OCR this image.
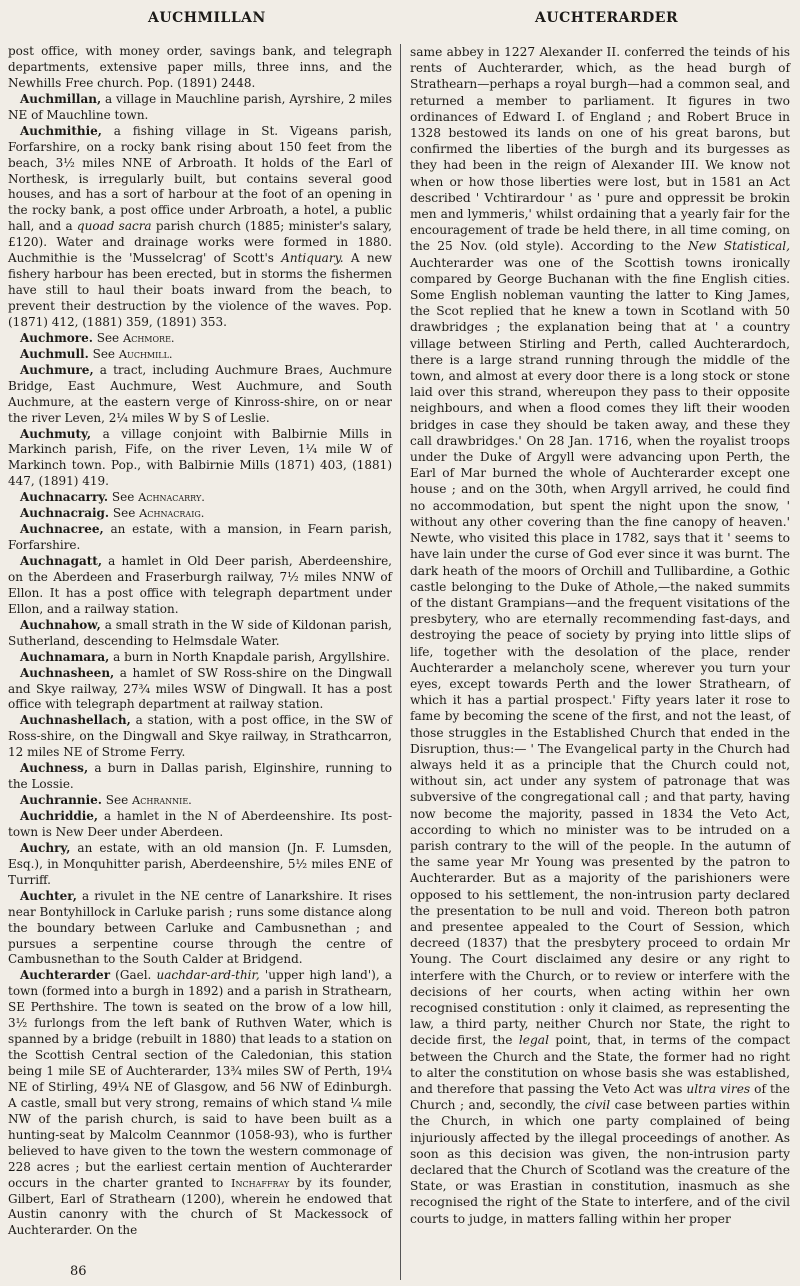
AUCHMILLAN	AUCHTERARDER

post office, with money order, savings bank, and telegraph departments, extensive paper mills, three inns, and the Newhills Free church. Pop. (1891) 2448.

Auchmillan, a village in Mauchline parish, Ayrshire, 2 miles NE of Mauchline town.

Auchmithie, a fishing village in St. Vigeans parish, Forfarshire, on a rocky bank rising about 150 feet from the beach, 3½ miles NNE of Arbroath. It holds of the Earl of Northesk, is irregularly built, but contains several good houses, and has a sort of harbour at the foot of an opening in the rocky bank, a post office under Arbroath, a hotel, a public hall, and a quoad sacra parish church (1885; minister's salary, £120). Water and drainage works were formed in 1880. Auchmithie is the 'Musselcrag' of Scott's Antiquary. A new fishery harbour has been erected, but in storms the fishermen have still to haul their boats inward from the beach, to prevent their destruction by the violence of the waves. Pop. (1871) 412, (1881) 359, (1891) 353.

Auchmore. See Achmore.

Auchmull. See Auchmill.

Auchmure, a tract, including Auchmure Braes, Auchmure Bridge, East Auchmure, West Auchmure, and South Auchmure, at the eastern verge of Kinross-shire, on or near the river Leven, 2¼ miles W by S of Leslie.

Auchmuty, a village conjoint with Balbirnie Mills in Markinch parish, Fife, on the river Leven, 1¼ mile W of Markinch town. Pop., with Balbirnie Mills (1871) 403, (1881) 447, (1891) 419.

Auchnacarry. See Achnacarry.

Auchnacraig. See Achnacraig.

Auchnacree, an estate, with a mansion, in Fearn parish, Forfarshire.

Auchnagatt, a hamlet in Old Deer parish, Aberdeenshire, on the Aberdeen and Fraserburgh railway, 7½ miles NNW of Ellon. It has a post office with telegraph department under Ellon, and a railway station.

Auchnahow, a small strath in the W side of Kildonan parish, Sutherland, descending to Helmsdale Water.

Auchnamara, a burn in North Knapdale parish, Argyllshire.

Auchnasheen, a hamlet of SW Ross-shire on the Dingwall and Skye railway, 27¾ miles WSW of Dingwall. It has a post office with telegraph department at railway station.

Auchnashellach, a station, with a post office, in the SW of Ross-shire, on the Dingwall and Skye railway, in Strathcarron, 12 miles NE of Strome Ferry.

Auchness, a burn in Dallas parish, Elginshire, running to the Lossie.

Auchrannie. See Achrannie.

Auchriddie, a hamlet in the N of Aberdeenshire. Its post-town is New Deer under Aberdeen.

Auchry, an estate, with an old mansion (Jn. F. Lumsden, Esq.), in Monquhitter parish, Aberdeenshire, 5½ miles ENE of Turriff.

Auchter, a rivulet in the NE centre of Lanarkshire. It rises near Bontyhillock in Carluke parish ; runs some distance along the boundary between Carluke and Cambusnethan ; and pursues a serpentine course through the centre of Cambusnethan to the South Calder at Bridgend.

Auchterarder (Gael. uachdar-ard-thir, 'upper high land'), a town (formed into a burgh in 1892) and a parish in Strathearn, SE Perthshire. The town is seated on the brow of a low hill, 3½ furlongs from the left bank of Ruthven Water, which is spanned by a bridge (rebuilt in 1880) that leads to a station on the Scottish Central section of the Caledonian, this station being 1 mile SE of Auchterarder, 13¾ miles SW of Perth, 19¼ NE of Stirling, 49¼ NE of Glasgow, and 56 NW of Edinburgh. A castle, small but very strong, remains of which stand ¼ mile NW of the parish church, is said to have been built as a hunting-seat by Malcolm Ceannmor (1058-93), who is further believed to have given to the town the western commonage of 228 acres ; but the earliest certain mention of Auchterarder occurs in the charter granted to Inchaffray by its founder, Gilbert, Earl of Strathearn (1200), wherein he endowed that Austin canonry with the church of St Mackessock of Auchterarder. On the

same abbey in 1227 Alexander II. conferred the teinds of his rents of Auchterarder, which, as the head burgh of Strathearn—perhaps a royal burgh—had a common seal, and returned a member to parliament. It figures in two ordinances of Edward I. of England ; and Robert Bruce in 1328 bestowed its lands on one of his great barons, but confirmed the liberties of the burgh and its burgesses as they had been in the reign of Alexander III. We know not when or how those liberties were lost, but in 1581 an Act described ' Vchtirardour ' as ' pure and oppressit be brokin men and lymmeris,' whilst ordaining that a yearly fair for the encouragement of trade be held there, in all time coming, on the 25 Nov. (old style). According to the New Statistical, Auchterarder was one of the Scottish towns ironically compared by George Buchanan with the fine English cities. Some English nobleman vaunting the latter to King James, the Scot replied that he knew a town in Scotland with 50 drawbridges ; the explanation being that at ' a country village between Stirling and Perth, called Auchterardoch, there is a large strand running through the middle of the town, and almost at every door there is a long stock or stone laid over this strand, whereupon they pass to their opposite neighbours, and when a flood comes they lift their wooden bridges in case they should be taken away, and these they call drawbridges.' On 28 Jan. 1716, when the royalist troops under the Duke of Argyll were advancing upon Perth, the Earl of Mar burned the whole of Auchterarder except one house ; and on the 30th, when Argyll arrived, he could find no accommodation, but spent the night upon the snow, ' without any other covering than the fine canopy of heaven.' Newte, who visited this place in 1782, says that it ' seems to have lain under the curse of God ever since it was burnt. The dark heath of the moors of Orchill and Tullibardine, a Gothic castle belonging to the Duke of Athole,—the naked summits of the distant Grampians—and the frequent visitations of the presbytery, who are eternally recommending fast-days, and destroying the peace of society by prying into little slips of life, together with the desolation of the place, render Auchterarder a melancholy scene, wherever you turn your eyes, except towards Perth and the lower Strathearn, of which it has a partial prospect.' Fifty years later it rose to fame by becoming the scene of the first, and not the least, of those struggles in the Established Church that ended in the Disruption, thus:— ' The Evangelical party in the Church had always held it as a principle that the Church could not, without sin, act under any system of patronage that was subversive of the congregational call ; and that party, having now become the majority, passed in 1834 the Veto Act, according to which no minister was to be intruded on a parish contrary to the will of the people. In the autumn of the same year Mr Young was presented by the patron to Auchterarder. But as a majority of the parishioners were opposed to his settlement, the non-intrusion party declared the presentation to be null and void. Thereon both patron and presentee appealed to the Court of Session, which decreed (1837) that the presbytery proceed to ordain Mr Young. The Court disclaimed any desire or any right to interfere with the Church, or to review or interfere with the decisions of her courts, when acting within her own recognised constitution : only it claimed, as representing the law, a third party, neither Church nor State, the right to decide first, the legal point, that, in terms of the compact between the Church and the State, the former had no right to alter the constitution on whose basis she was established, and therefore that passing the Veto Act was ultra vires of the Church ; and, secondly, the civil case between parties within the Church, in which one party complained of being injuriously affected by the illegal proceedings of another. As soon as this decision was given, the non-intrusion party declared that the Church of Scotland was the creature of the State, or was Erastian in constitution, inasmuch as she recognised the right of the State to interfere, and of the civil courts to judge, in matters falling within her proper

86
